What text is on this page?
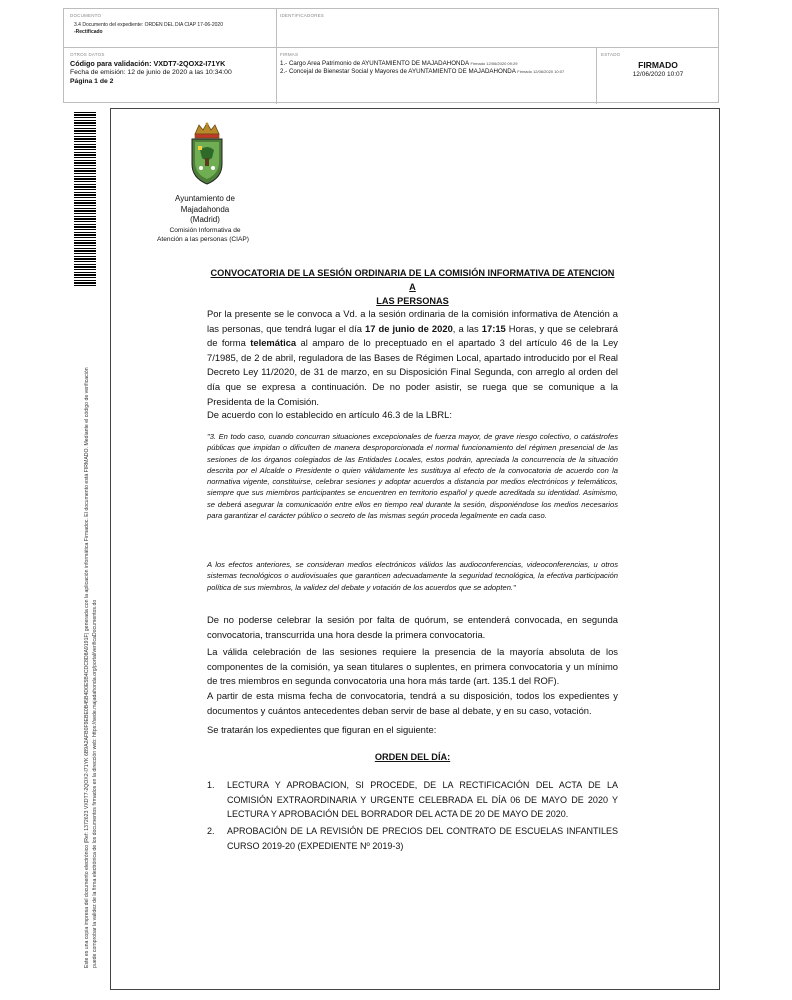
DOCUMENTO
3.4 Documento del expediente: ORDEN DEL DIA CIAP 17-06-2020
-Rectificado
IDENTIFICADORES
OTROS DATOS
Código para validación: VXDT7-2QOX2-I71YK
Fecha de emisión: 12 de junio de 2020 a las 10:34:00
Página 1 de 2
FIRMAS
1.- Cargo Area Patrimonio de AYUNTAMIENTO DE MAJADAHONDA Firmado 12/06/2020 09:29
2.- Concejal de Bienestar Social y Mayores de AYUNTAMIENTO DE MAJADAHONDA Firmado 12/06/2020 10:07
ESTADO
FIRMADO
12/06/2020 10:07
Este es una copia impresa del documento electrónico (Ref: 1372623 VXDT7-2QOX2-I71YK 6B9A2AFB0F9EBE0B45B4D0E5B4CDC8D8A9191F) generada con la aplicación informática Firmadoc. El documento está FIRMADO. Mediante el código de verificación puede comprobar la validez de la firma electrónica de los documentos firmados en la dirección web: https://sede.majadahonda.org/portal/verificaDocumentos.do
Ayuntamiento de
Majadahonda
(Madrid)
Comisión Informativa de
Atención a las personas (CIAP)
CONVOCATORIA DE LA SESIÓN ORDINARIA DE LA COMISIÓN INFORMATIVA DE ATENCION A
LAS PERSONAS
Por la presente se le convoca a Vd. a la sesión ordinaria de la comisión informativa de Atención a las personas, que tendrá lugar el día 17 de junio de 2020, a las 17:15 Horas, y que se celebrará de forma telemática al amparo de lo preceptuado en el apartado 3 del artículo 46 de la Ley 7/1985, de 2 de abril, reguladora de las Bases de Régimen Local, apartado introducido por el Real Decreto Ley 11/2020, de 31 de marzo, en su Disposición Final Segunda, con arreglo al orden del día que se expresa a continuación. De no poder asistir, se ruega que se comunique a la Presidenta de la Comisión.
De acuerdo con lo establecido en artículo 46.3 de la LBRL:
"3. En todo caso, cuando concurran situaciones excepcionales de fuerza mayor, de grave riesgo colectivo, o catástrofes públicas que impidan o dificulten de manera desproporcionada el normal funcionamiento del régimen presencial de las sesiones de los órganos colegiados de las Entidades Locales, estos podrán, apreciada la concurrencia de la situación descrita por el Alcalde o Presidente o quien válidamente les sustituya al efecto de la convocatoria de acuerdo con la normativa vigente, constituirse, celebrar sesiones y adoptar acuerdos a distancia por medios electrónicos y telemáticos, siempre que sus miembros participantes se encuentren en territorio español y quede acreditada su identidad. Asimismo, se deberá asegurar la comunicación entre ellos en tiempo real durante la sesión, disponiéndose los medios necesarios para garantizar el carácter público o secreto de las mismas según proceda legalmente en cada caso.
A los efectos anteriores, se consideran medios electrónicos válidos las audioconferencias, videoconferencias, u otros sistemas tecnológicos o audiovisuales que garanticen adecuadamente la seguridad tecnológica, la efectiva participación política de sus miembros, la validez del debate y votación de los acuerdos que se adopten."
De no poderse celebrar la sesión por falta de quórum, se entenderá convocada, en segunda convocatoria, transcurrida una hora desde la primera convocatoria.
La válida celebración de las sesiones requiere la presencia de la mayoría absoluta de los componentes de la comisión, ya sean titulares o suplentes, en primera convocatoria y un mínimo de tres miembros en segunda convocatoria una hora más tarde (art. 135.1 del ROF).
A partir de esta misma fecha de convocatoria, tendrá a su disposición, todos los expedientes y documentos y cuántos antecedentes deban servir de base al debate, y en su caso, votación.
Se tratarán los expedientes que figuran en el siguiente:
ORDEN DEL DÍA:
1. LECTURA Y APROBACION, SI PROCEDE, DE LA RECTIFICACIÓN DEL ACTA DE LA COMISIÓN EXTRAORDINARIA Y URGENTE CELEBRADA EL DÍA 06 DE MAYO DE 2020 Y LECTURA Y APROBACIÓN DEL BORRADOR DEL ACTA DE 20 DE MAYO DE 2020.
2. APROBACIÓN DE LA REVISIÓN DE PRECIOS DEL CONTRATO DE ESCUELAS INFANTILES CURSO 2019-20 (EXPEDIENTE Nº 2019-3)
